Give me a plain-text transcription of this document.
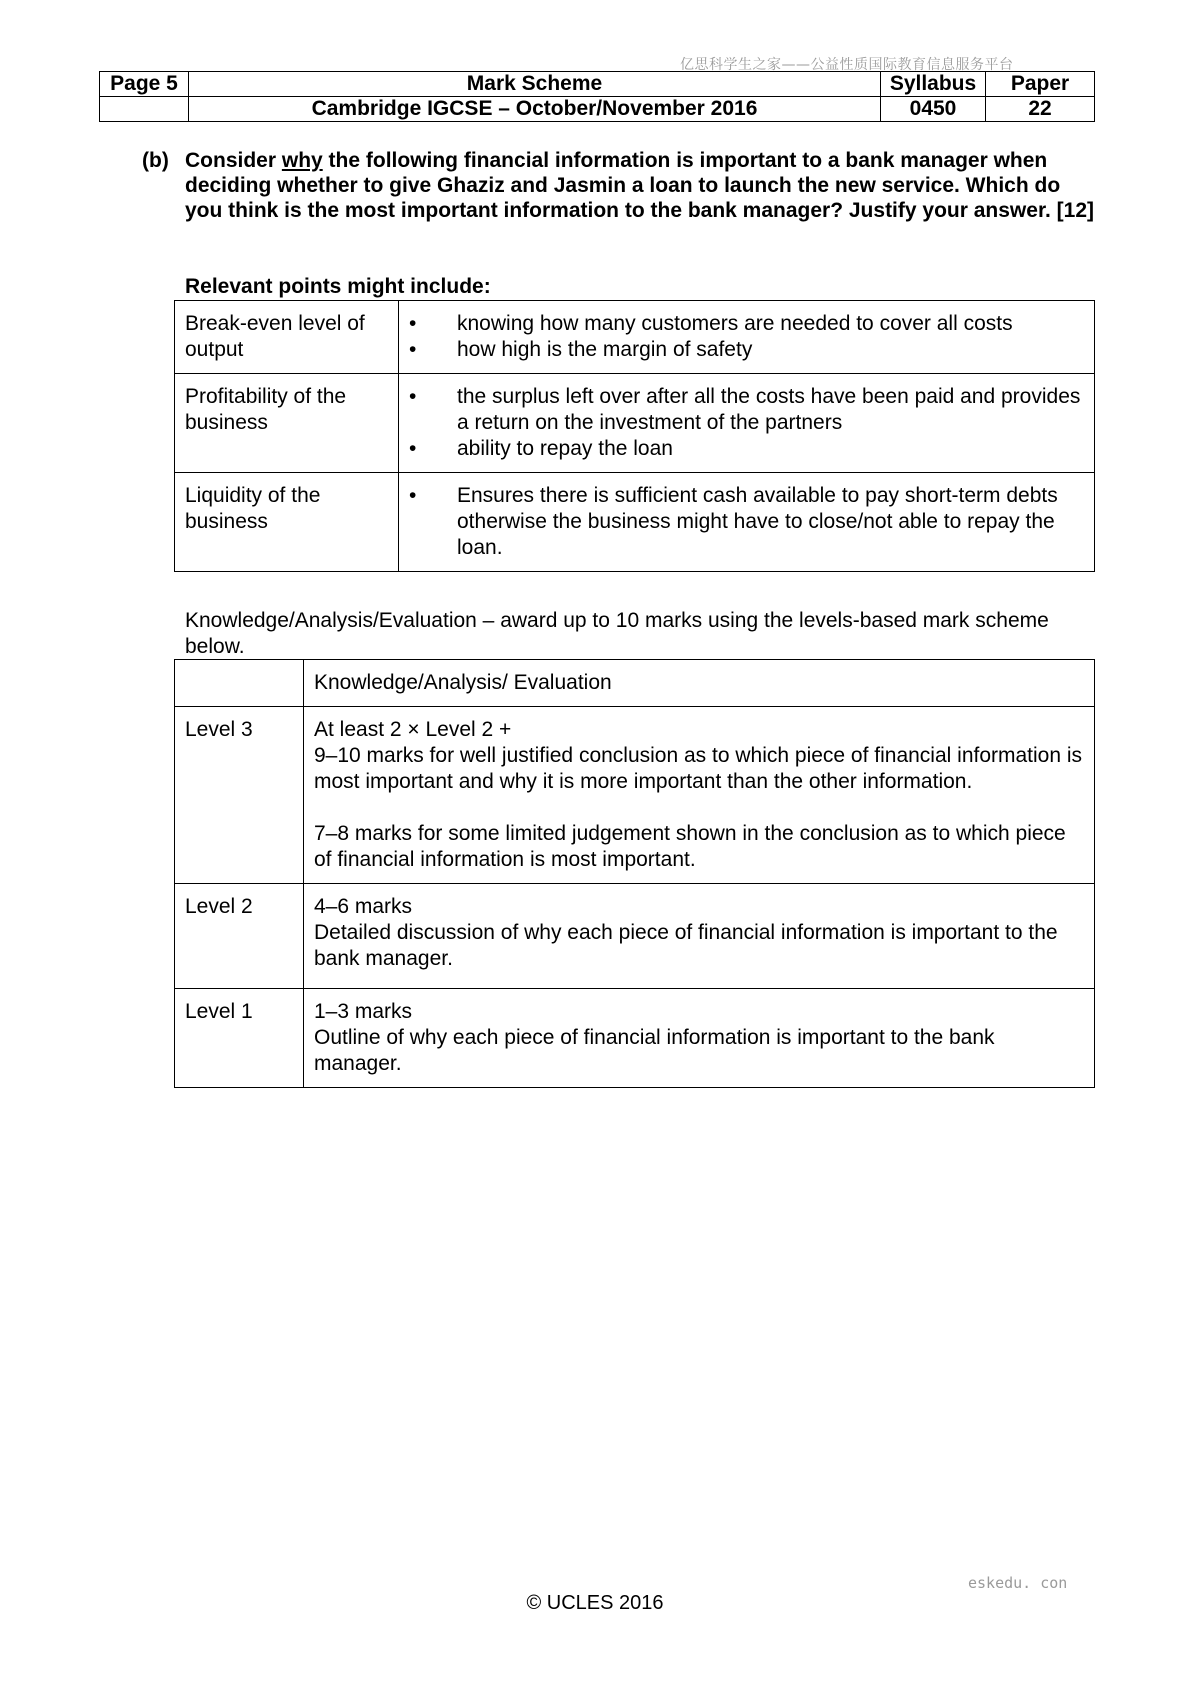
亿思科学生之家——公益性质国际教育信息服务平台
Page 5	Mark Scheme	Syllabus	Paper
	Cambridge IGCSE – October/November 2016	0450	22
(b) Consider why the following financial information is important to a bank manager when deciding whether to give Ghaziz and Jasmin a loan to launch the new service. Which do you think is the most important information to the bank manager? Justify your answer. [12]
Relevant points might include:
Break-even level of output	• knowing how many customers are needed to cover all costs
• how high is the margin of safety

Profitability of the business	• the surplus left over after all the costs have been paid and provides a return on the investment of the partners
• ability to repay the loan

Liquidity of the business	• Ensures there is sufficient cash available to pay short-term debts otherwise the business might have to close/not able to repay the loan.
Knowledge/Analysis/Evaluation – award up to 10 marks using the levels-based mark scheme below.
	Knowledge/Analysis/ Evaluation
Level 3	At least 2 × Level 2 +
9–10 marks for well justified conclusion as to which piece of financial information is most important and why it is more important than the other information.
7–8 marks for some limited judgement shown in the conclusion as to which piece of financial information is most important.

Level 2	4–6 marks
Detailed discussion of why each piece of financial information is important to the bank manager.

Level 1	1–3 marks
Outline of why each piece of financial information is important to the bank manager.
eskedu. con
© UCLES 2016
